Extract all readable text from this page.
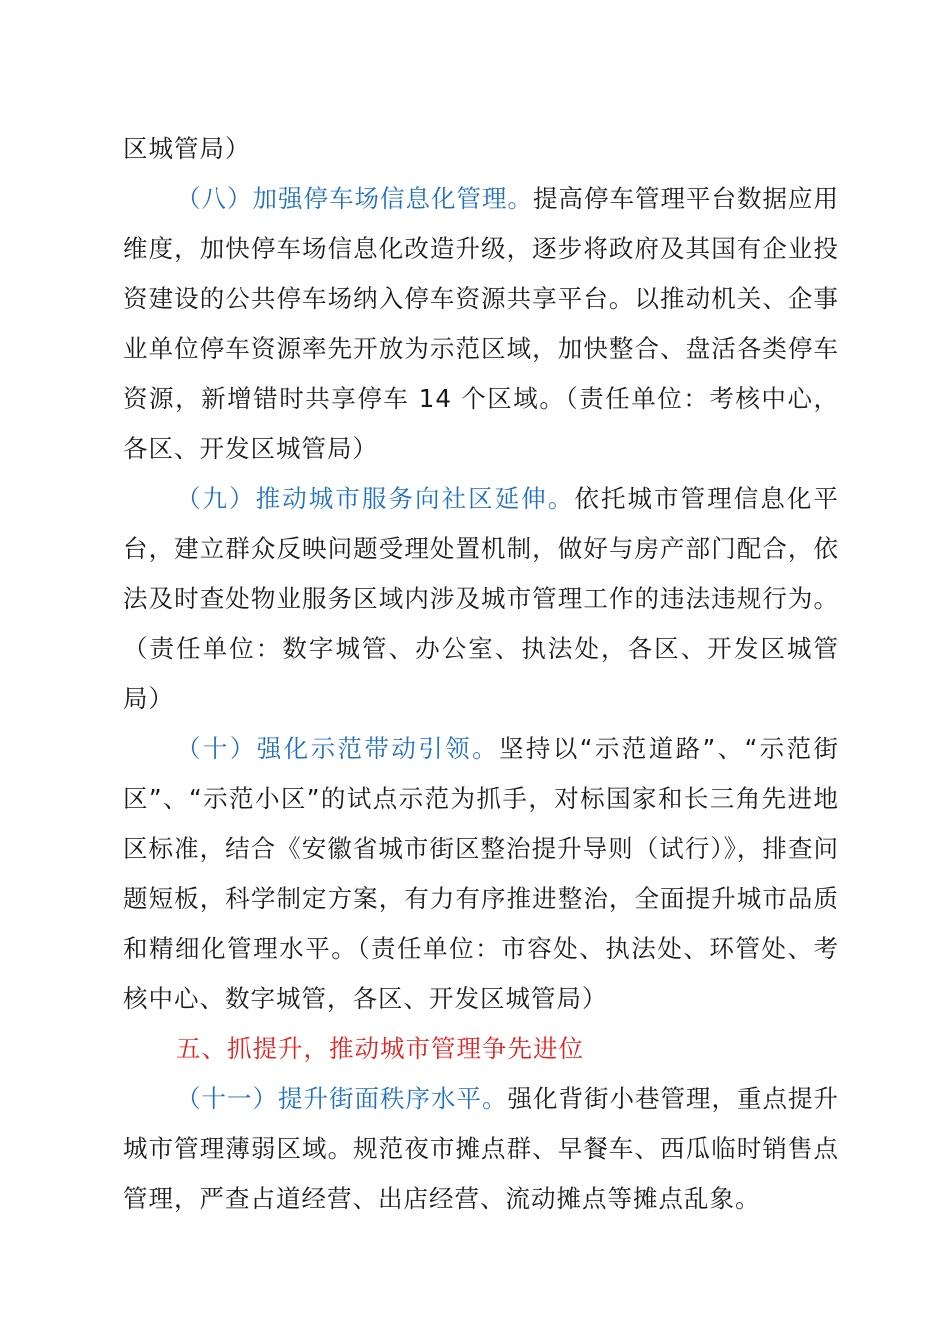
区城管局）

（八）加强停车场信息化管理。提高停车管理平台数据应用维度，加快停车场信息化改造升级，逐步将政府及其国有企业投资建设的公共停车场纳入停车资源共享平台。以推动机关、企事业单位停车资源率先开放为示范区域，加快整合、盘活各类停车资源，新增错时共享停车 14 个区域。（责任单位：考核中心，各区、开发区城管局）

（九）推动城市服务向社区延伸。依托城市管理信息化平台，建立群众反映问题受理处置机制，做好与房产部门配合，依法及时查处物业服务区域内涉及城市管理工作的违法违规行为。（责任单位：数字城管、办公室、执法处，各区、开发区城管局）

（十）强化示范带动引领。坚持以“示范道路”、“示范街区”、“示范小区”的试点示范为抓手，对标国家和长三角先进地区标准，结合《安徽省城市街区整治提升导则（试行）》，排查问题短板，科学制定方案，有力有序推进整治，全面提升城市品质和精细化管理水平。（责任单位：市容处、执法处、环管处、考核中心、数字城管，各区、开发区城管局）

五、抓提升，推动城市管理争先进位

（十一）提升街面秩序水平。强化背街小巷管理，重点提升城市管理薄弱区域。规范夜市摊点群、早餐车、西瓜临时销售点管理，严查占道经营、出店经营、流动摊点等摊点乱象。
